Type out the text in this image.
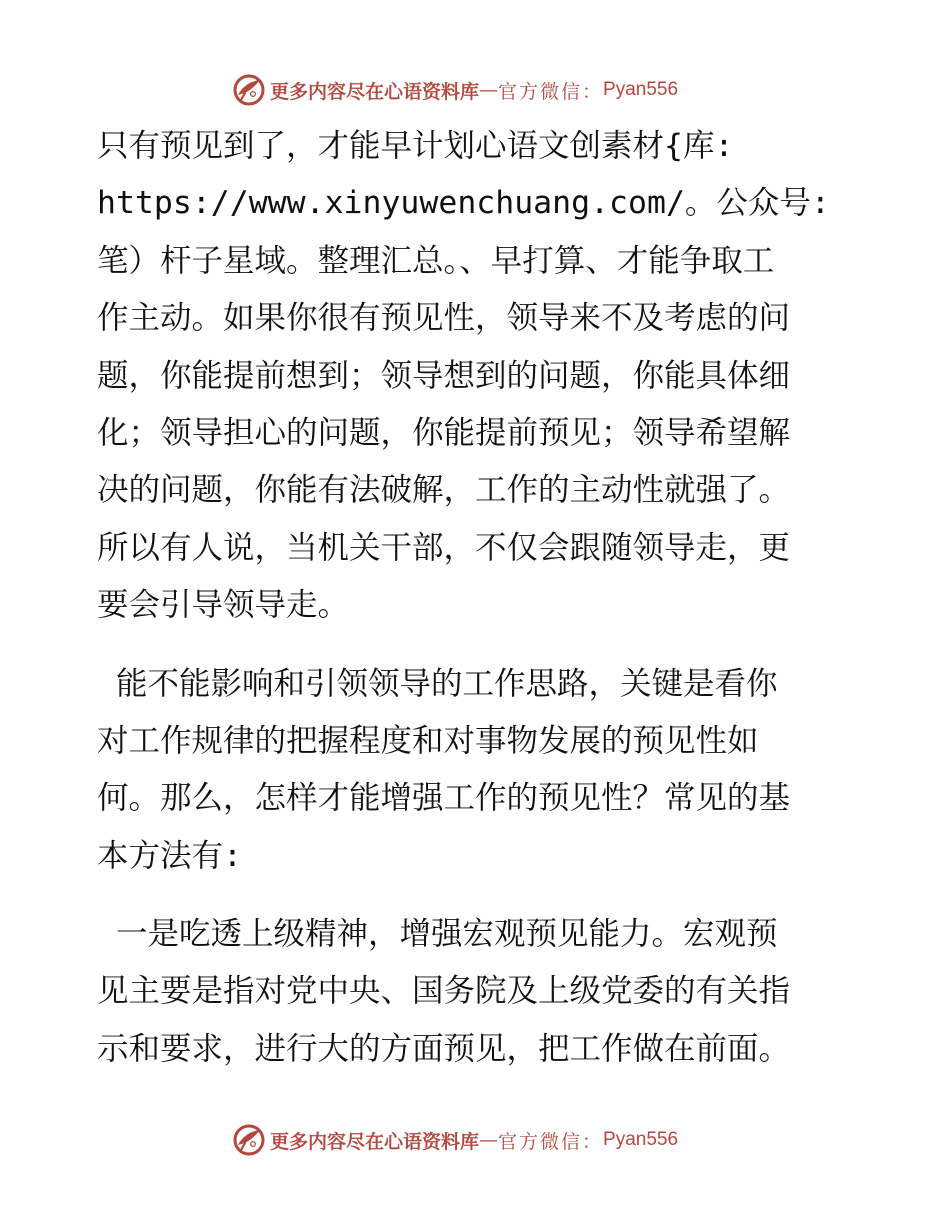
更多内容尽在心语资料库 — 官方微信： Pyan556
只有预见到了，才能早计划心语文创素材{库:
https://www.xinyuwenchuang.com/。公众号:
笔）杆子星域。整理汇总。、早打算、才能争取工
作主动。如果你很有预见性，领导来不及考虑的问
题，你能提前想到；领导想到的问题，你能具体细
化；领导担心的问题，你能提前预见；领导希望解
决的问题，你能有法破解，工作的主动性就强了。
所以有人说，当机关干部，不仅会跟随领导走，更
要会引导领导走。
能不能影响和引领领导的工作思路，关键是看你
对工作规律的把握程度和对事物发展的预见性如
何。那么，怎样才能增强工作的预见性？常见的基
本方法有:
一是吃透上级精神，增强宏观预见能力。宏观预
见主要是指对党中央、国务院及上级党委的有关指
示和要求，进行大的方面预见，把工作做在前面。
更多内容尽在心语资料库 — 官方微信： Pyan556
